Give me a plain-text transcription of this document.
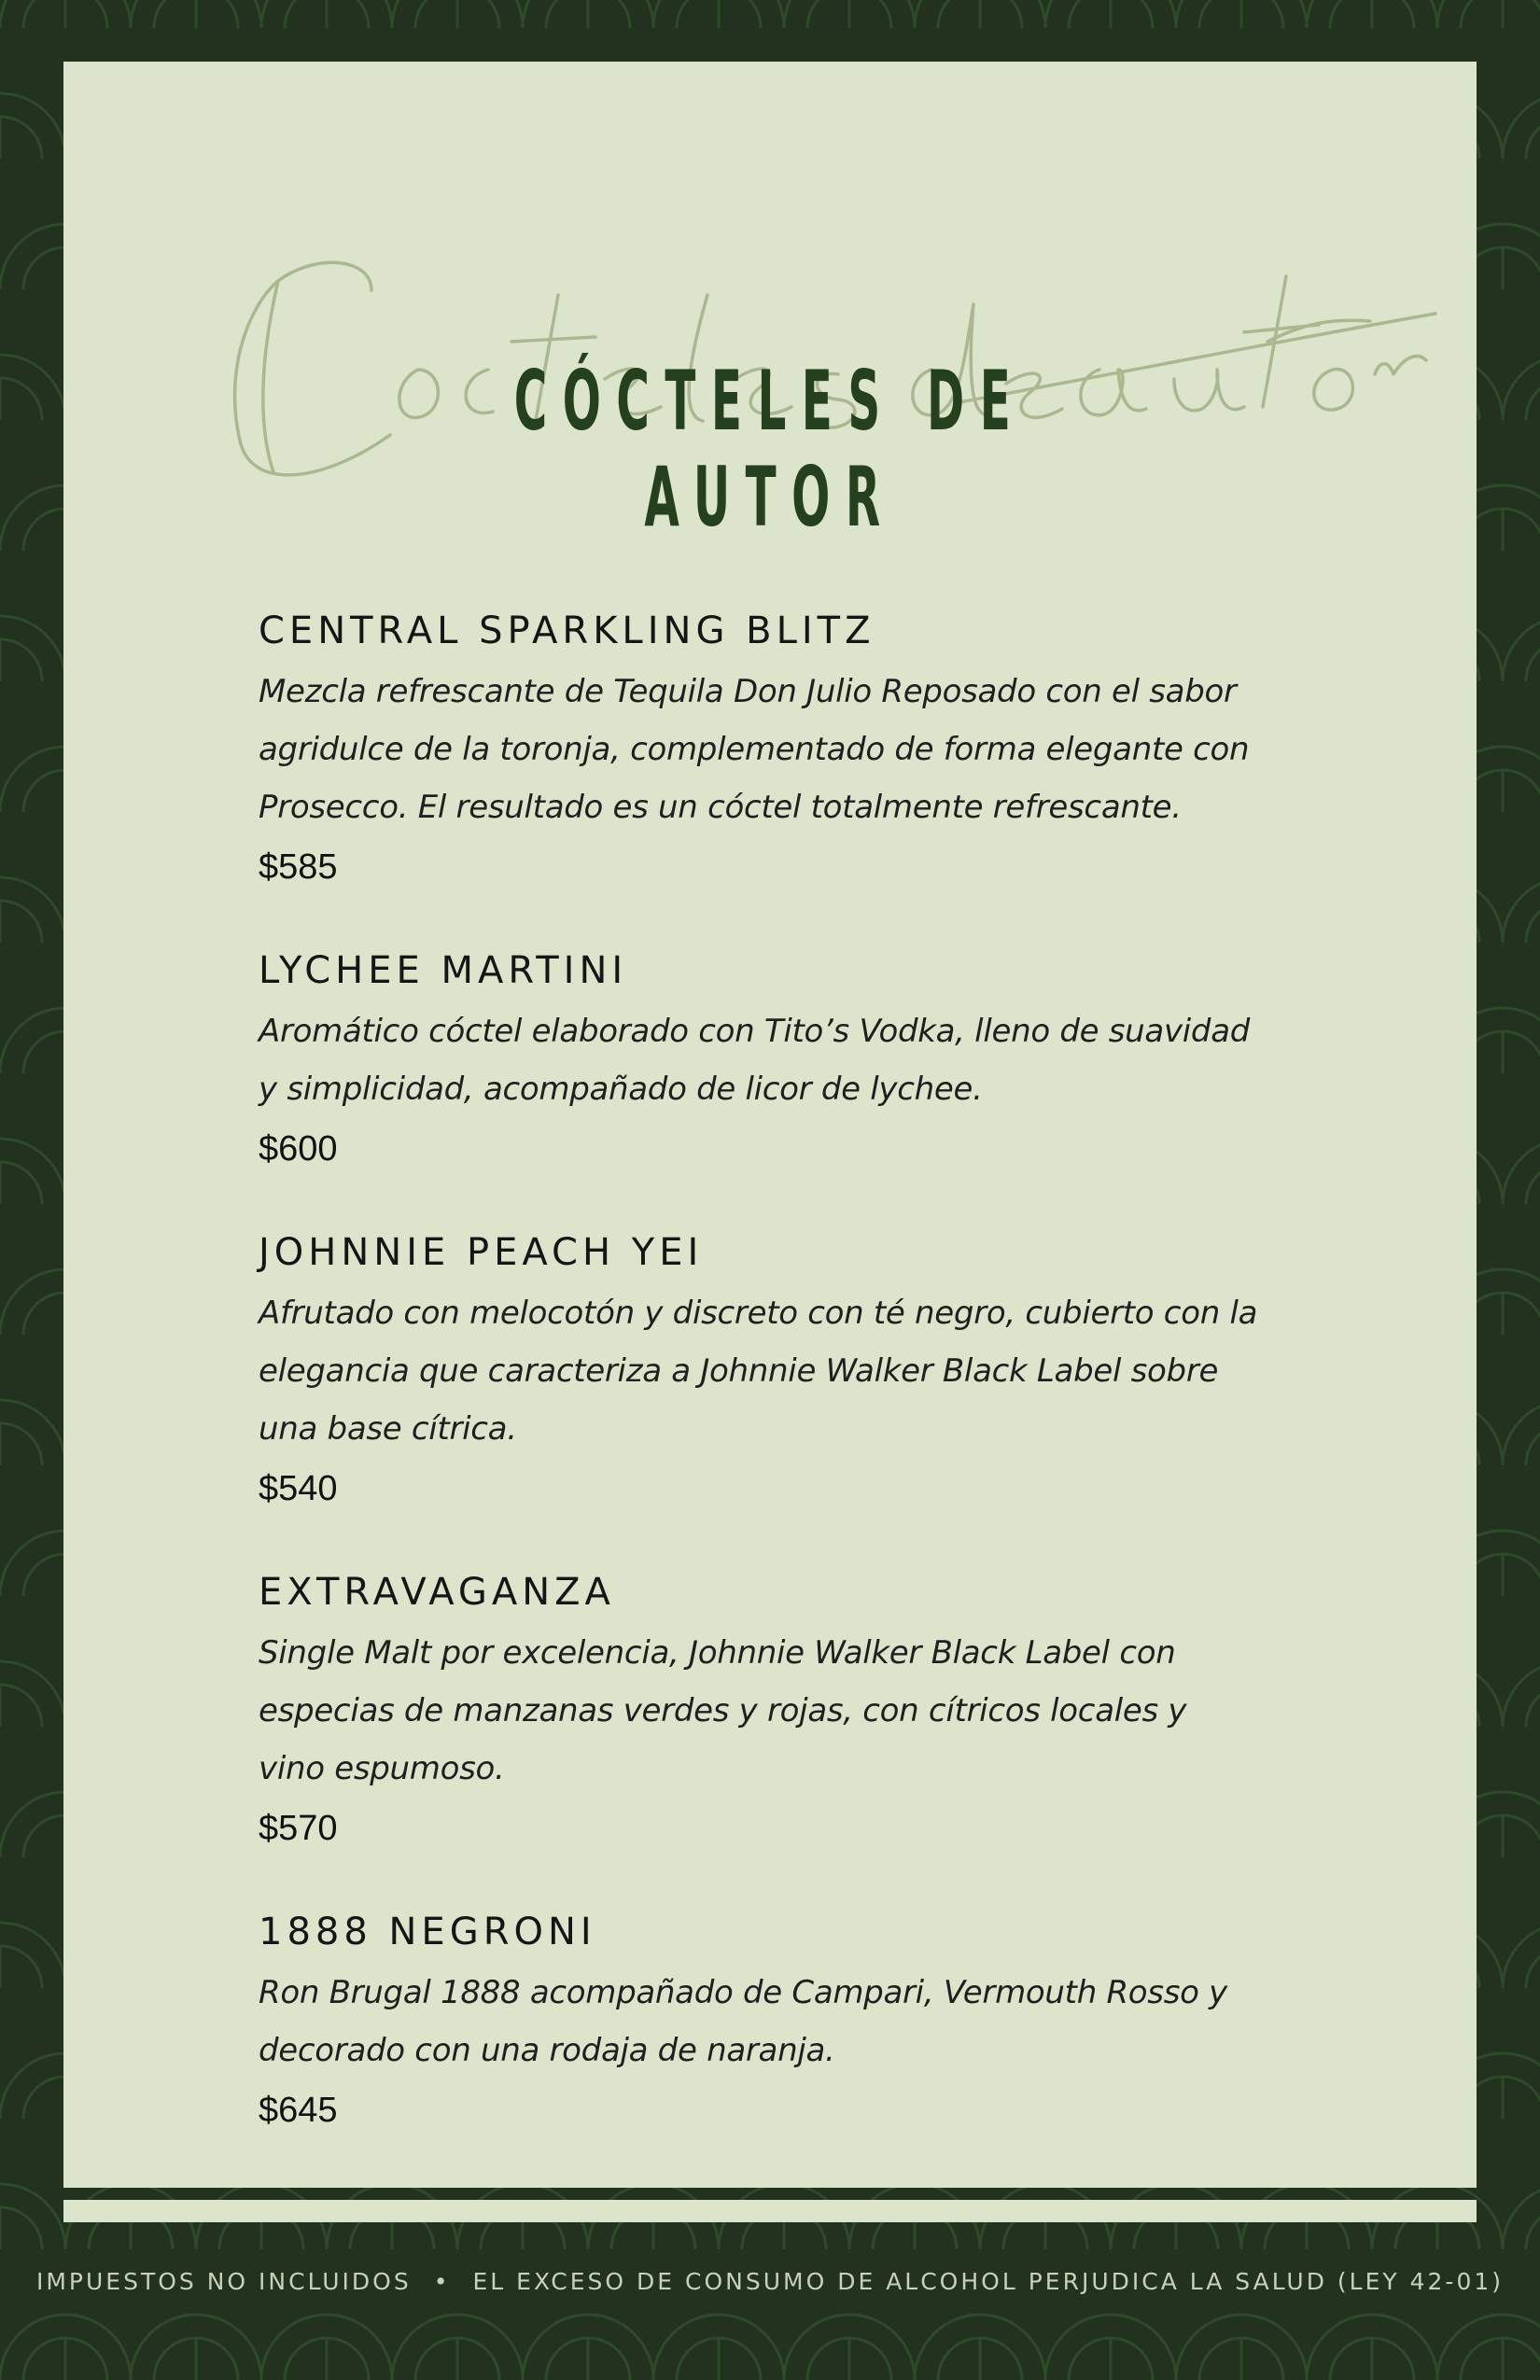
CÓCTELES DE AUTOR
CENTRAL SPARKLING BLITZ
Mezcla refrescante de Tequila Don Julio Reposado con el sabor
agridulce de la toronja, complementado de forma elegante con
Prosecco. El resultado es un cóctel totalmente refrescante.
$585
LYCHEE MARTINI
Aromático cóctel elaborado con Tito’s Vodka, lleno de suavidad
y simplicidad, acompañado de licor de lychee.
$600
JOHNNIE PEACH YEI
Afrutado con melocotón y discreto con té negro, cubierto con la
elegancia que caracteriza a Johnnie Walker Black Label sobre
una base cítrica.
$540
EXTRAVAGANZA
Single Malt por excelencia, Johnnie Walker Black Label con
especias de manzanas verdes y rojas, con cítricos locales y
vino espumoso.
$570
1888 NEGRONI
Ron Brugal 1888 acompañado de Campari, Vermouth Rosso y
decorado con una rodaja de naranja.
$645
IMPUESTOS NO INCLUIDOS • EL EXCESO DE CONSUMO DE ALCOHOL PERJUDICA LA SALUD (LEY 42-01)
